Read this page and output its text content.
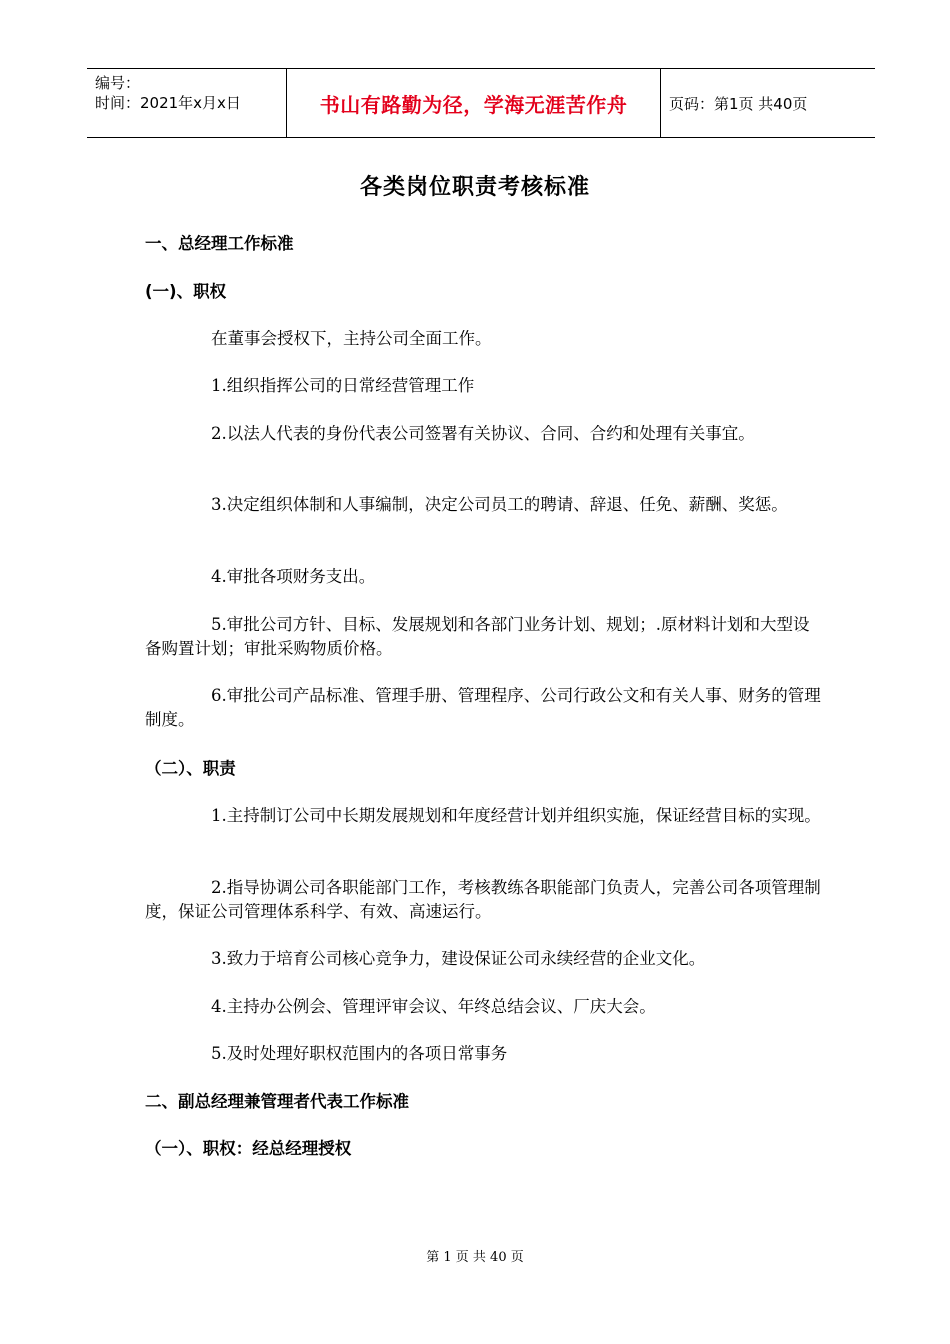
编号：
时间：2021年x月x日	书山有路勤为径，学海无涯苦作舟	页码：第1页 共40页
各类岗位职责考核标准
一、总经理工作标准
(一)、职权
在董事会授权下，主持公司全面工作。
1.组织指挥公司的日常经营管理工作
2.以法人代表的身份代表公司签署有关协议、合同、合约和处理有关事宜。
3.决定组织体制和人事编制，决定公司员工的聘请、辞退、任免、薪酬、奖惩。
4.审批各项财务支出。
5.审批公司方针、目标、发展规划和各部门业务计划、规划；.原材料计划和大型设备购置计划；审批采购物质价格。
6.审批公司产品标准、管理手册、管理程序、公司行政公文和有关人事、财务的管理制度。
（二）、职责
1.主持制订公司中长期发展规划和年度经营计划并组织实施，保证经营目标的实现。
2.指导协调公司各职能部门工作，考核教练各职能部门负责人，完善公司各项管理制度，保证公司管理体系科学、有效、高速运行。
3.致力于培育公司核心竞争力，建设保证公司永续经营的企业文化。
4.主持办公例会、管理评审会议、年终总结会议、厂庆大会。
5.及时处理好职权范围内的各项日常事务
二、副总经理兼管理者代表工作标准
（一）、职权：经总经理授权
第 1 页 共 40 页
